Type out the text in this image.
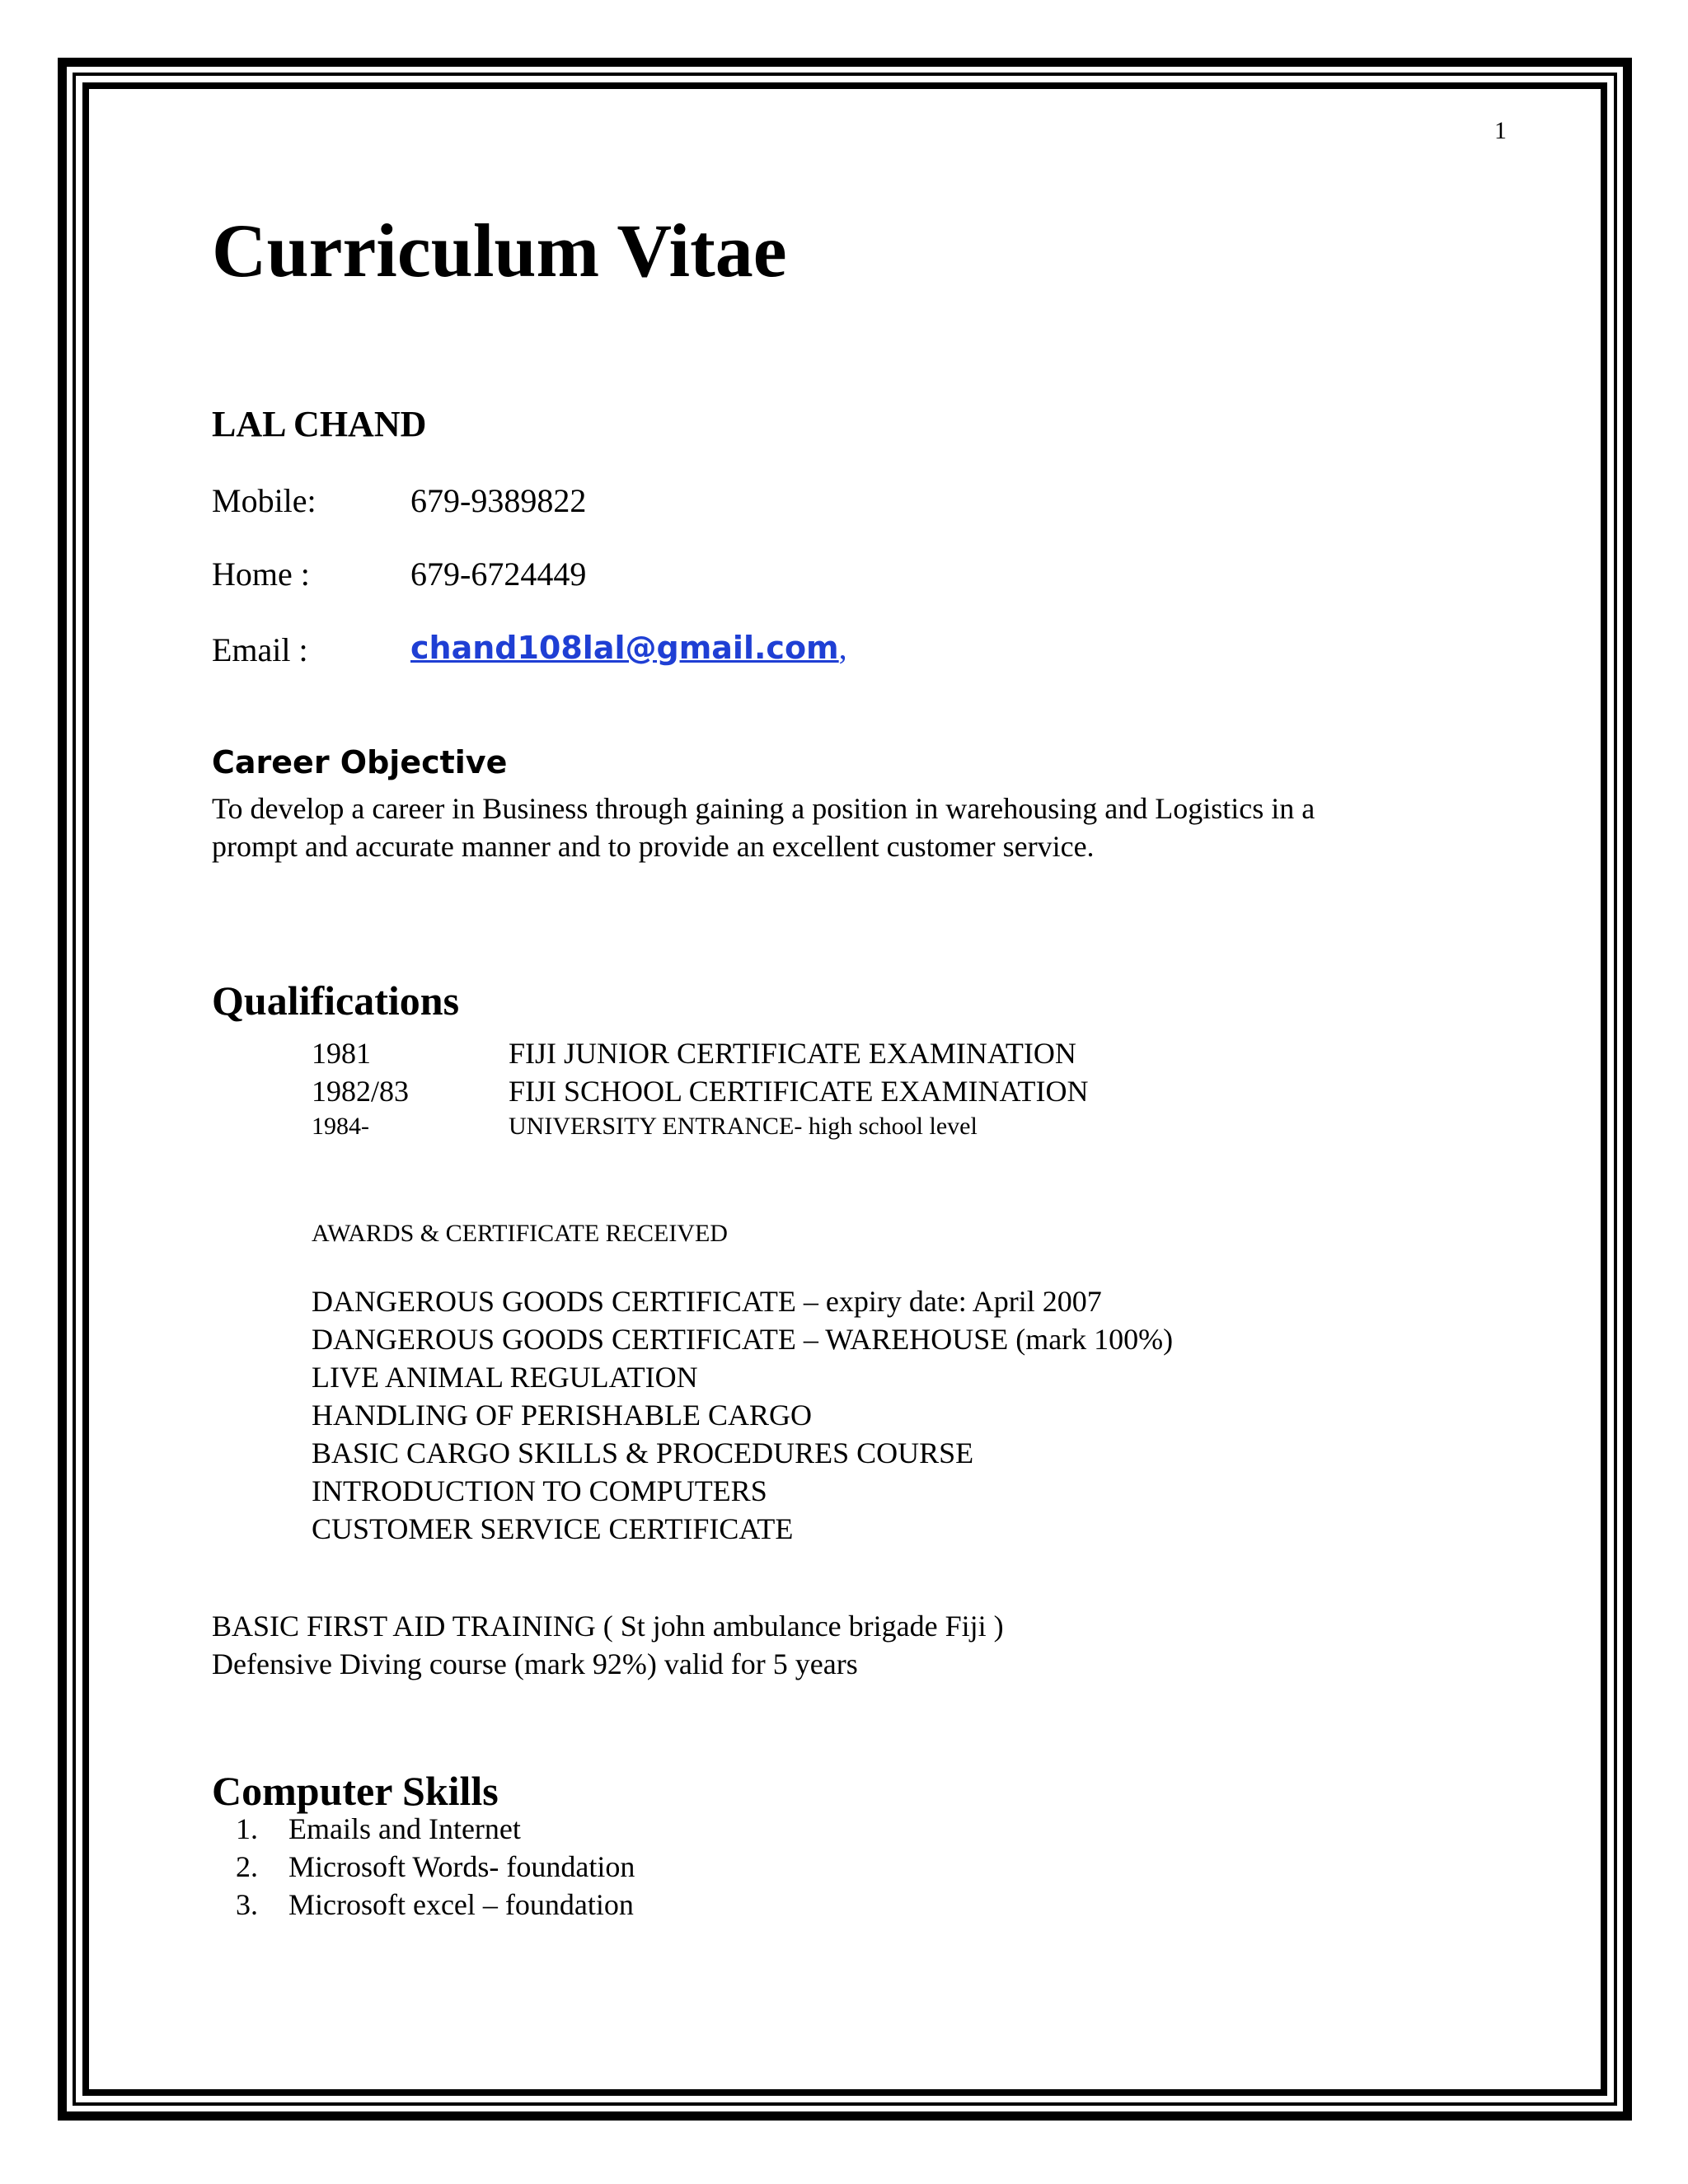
1
Curriculum Vitae
LAL CHAND
Mobile:	679-9389822
Home :	679-6724449
Email :	chand108lal@gmail.com,
Career Objective
To develop a career in Business through gaining a position in warehousing and Logistics in a
prompt and accurate manner and to provide an excellent customer service.
Qualifications
1981	FIJI JUNIOR CERTIFICATE EXAMINATION
1982/83	FIJI SCHOOL CERTIFICATE EXAMINATION
1984-	UNIVERSITY ENTRANCE- high school level
AWARDS & CERTIFICATE RECEIVED
DANGEROUS GOODS CERTIFICATE – expiry date: April 2007
DANGEROUS GOODS CERTIFICATE – WAREHOUSE (mark 100%)
LIVE ANIMAL REGULATION
HANDLING OF PERISHABLE CARGO
BASIC CARGO SKILLS & PROCEDURES COURSE
INTRODUCTION TO COMPUTERS
CUSTOMER SERVICE CERTIFICATE
BASIC FIRST AID TRAINING ( St john ambulance brigade Fiji )
Defensive Diving course (mark 92%) valid for 5 years
Computer Skills
1.	Emails and Internet
2.	Microsoft Words- foundation
3.	Microsoft excel – foundation
